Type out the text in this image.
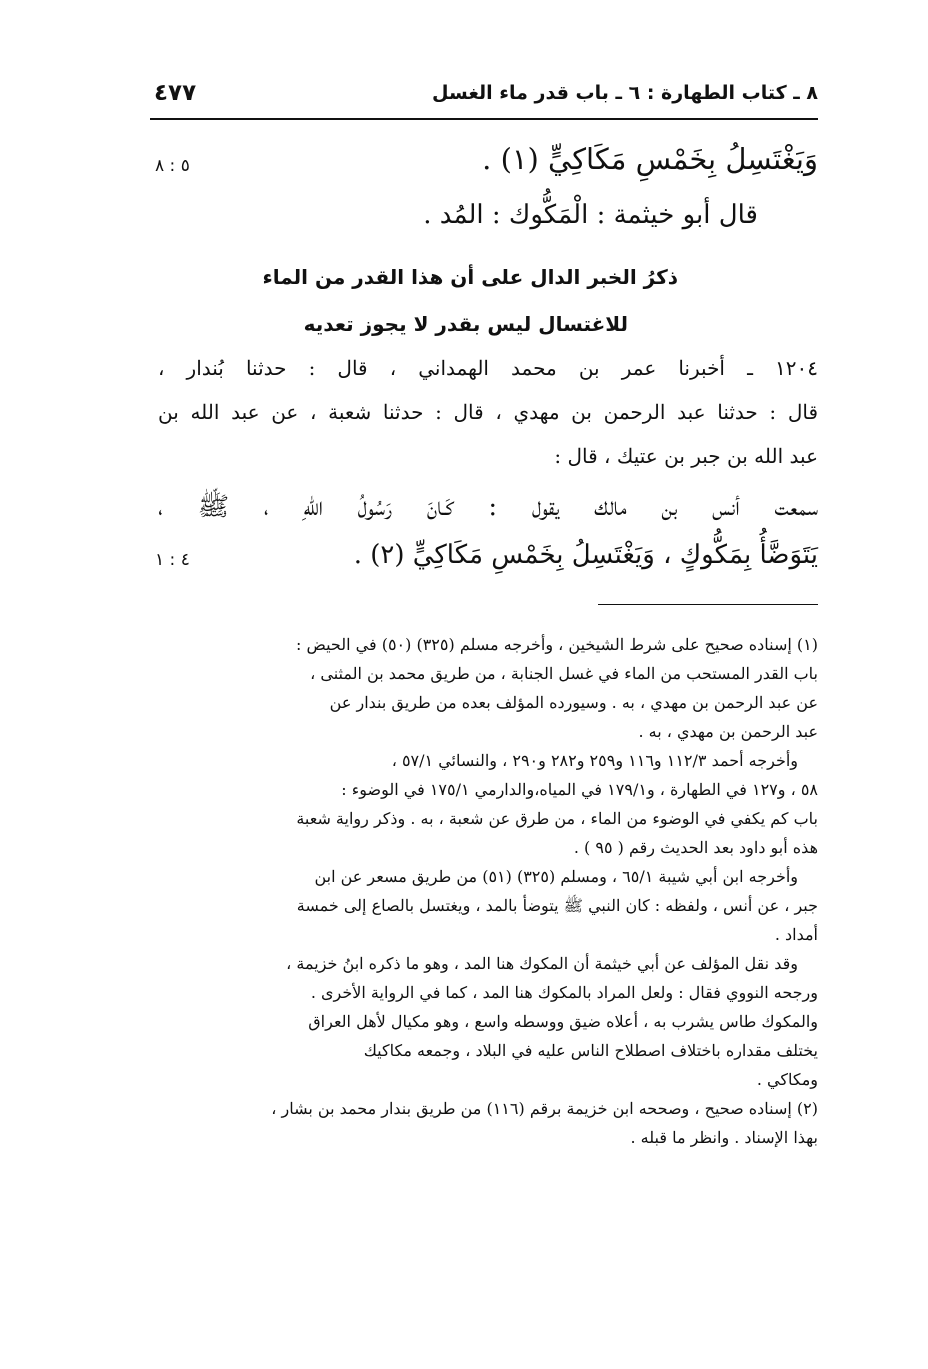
٨ ـ كتاب الطهارة : ٦ ـ باب قدر ماء الغسل
٤٧٧
وَيَغْتَسِلُ بِخَمْسِ مَكَاكِيٍّ (١) .
٥ : ٨
قال أبو خيثمة : الْمَكُّوك : المُد .
ذكرُ الخبر الدال على أن هذا القدر من الماء
للاغتسال ليس بقدر لا يجوز تعديه
١٢٠٤ ـ أخبرنا عمر بن محمد الهمداني ، قال : حدثنا بُندار ،
قال : حدثنا عبد الرحمن بن مهدي ، قال : حدثنا شعبة ، عن عبد الله بن
عبد الله بن جبر بن عتيك ، قال :
سمعت أنس بن مالك يقول : كَـانَ رَسُولُ اللّهِ ، ﷺ ،
يَتَوَضَّأُ بِمَكُّوكٍ ، وَيَغْتَسِلُ بِخَمْسِ مَكَاكِيٍّ (٢) .
٤ : ١
(١) إسناده صحيح على شرط الشيخين ، وأخرجه مسلم (٣٢٥) (٥٠) في الحيض :
باب القدر المستحب من الماء في غسل الجنابة ، من طريق محمد بن المثنى ،
عن عبد الرحمن بن مهدي ، به . وسيورده المؤلف بعده من طريق بندار عن
عبد الرحمن بن مهدي ، به .
وأخرجه أحمد ١١٢/٣ و١١٦ و٢٥٩ و٢٨٢ و٢٩٠ ، والنسائي ٥٧/١ ،
٥٨ ، و١٢٧ في الطهارة ، و١٧٩/١ في المياه،والدارمي ١٧٥/١ في الوضوء :
باب كم يكفي في الوضوء من الماء ، من طرق عن شعبة ، به . وذكر رواية شعبة
هذه أبو داود بعد الحديث رقم ( ٩٥ ) .
وأخرجه ابن أبي شيبة ٦٥/١ ، ومسلم (٣٢٥) (٥١) من طريق مسعر عن ابن
جبر ، عن أنس ، ولفظه : كان النبي ﷺ يتوضأ بالمد ، ويغتسل بالصاع إلى خمسة
أمداد .
وقد نقل المؤلف عن أبي خيثمة أن المكوك هنا المد ، وهو ما ذكره ابنُ خزيمة ،
ورجحه النووي فقال : ولعل المراد بالمكوك هنا المد ، كما في الرواية الأخرى .
والمكوك طاس يشرب به ، أعلاه ضيق ووسطه واسع ، وهو مكيال لأهل العراق
يختلف مقداره باختلاف اصطلاح الناس عليه في البلاد ، وجمعه مكاكيك
ومكاكي .
(٢) إسناده صحيح ، وصححه ابن خزيمة برقم (١١٦) من طريق بندار محمد بن بشار ،
بهذا الإسناد . وانظر ما قبله .
